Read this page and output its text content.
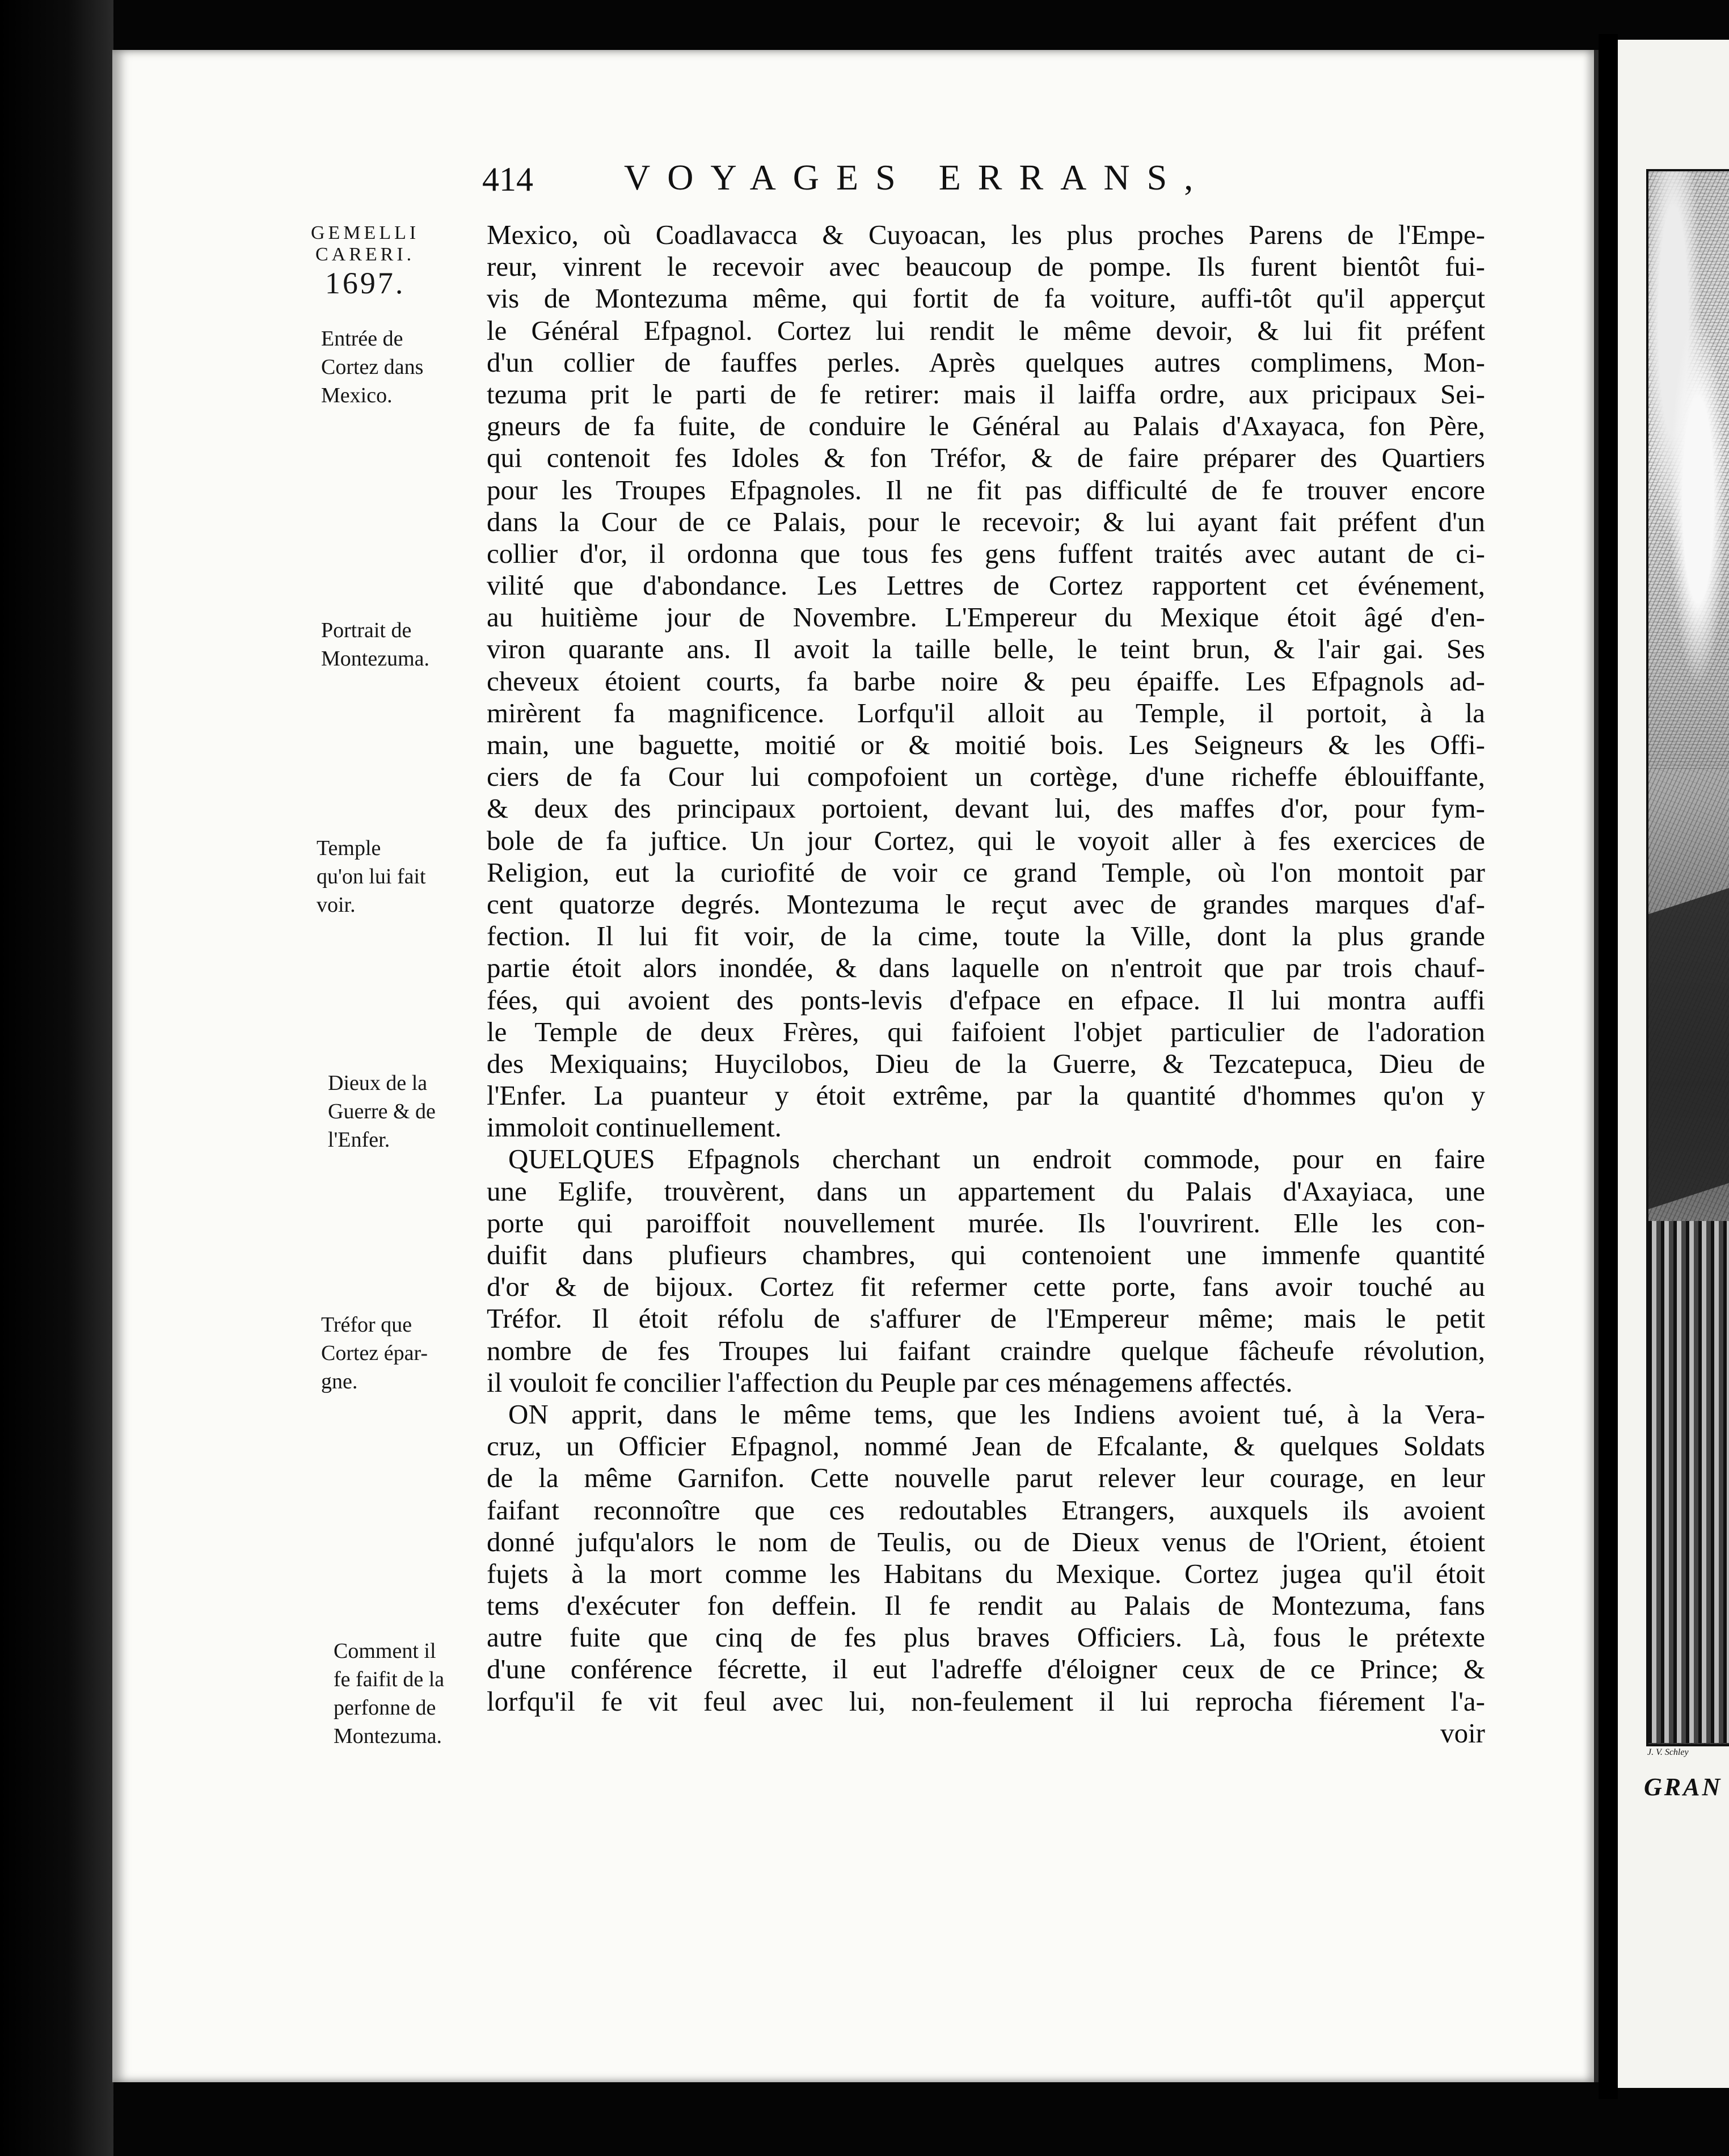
J. V. Schley
GRAN
414	VOYAGES ERRANS,
GEMELLI
CARERI.
1697.
Entrée de
Cortez dans
Mexico.
Portrait de
Montezuma.
Temple
qu'on lui fait
voir.
Dieux de la
Guerre & de
l'Enfer.
Tréfor que
Cortez épar-
gne.
Comment il
fe faifit de la
perfonne de
Montezuma.
Mexico, où Coadlavacca & Cuyoacan, les plus proches Parens de l'Empe-
reur, vinrent le recevoir avec beaucoup de pompe. Ils furent bientôt fui-
vis de Montezuma même, qui fortit de fa voiture, auffi-tôt qu'il apperçut
le Général Efpagnol. Cortez lui rendit le même devoir, & lui fit préfent
d'un collier de fauffes perles. Après quelques autres complimens, Mon-
tezuma prit le parti de fe retirer: mais il laiffa ordre, aux pricipaux Sei-
gneurs de fa fuite, de conduire le Général au Palais d'Axayaca, fon Père,
qui contenoit fes Idoles & fon Tréfor, & de faire préparer des Quartiers
pour les Troupes Efpagnoles. Il ne fit pas difficulté de fe trouver encore
dans la Cour de ce Palais, pour le recevoir; & lui ayant fait préfent d'un
collier d'or, il ordonna que tous fes gens fuffent traités avec autant de ci-
vilité que d'abondance. Les Lettres de Cortez rapportent cet événement,
au huitième jour de Novembre. L'Empereur du Mexique étoit âgé d'en-
viron quarante ans. Il avoit la taille belle, le teint brun, & l'air gai. Ses
cheveux étoient courts, fa barbe noire & peu épaiffe. Les Efpagnols ad-
mirèrent fa magnificence. Lorfqu'il alloit au Temple, il portoit, à la
main, une baguette, moitié or & moitié bois. Les Seigneurs & les Offi-
ciers de fa Cour lui compofoient un cortège, d'une richeffe éblouiffante,
& deux des principaux portoient, devant lui, des maffes d'or, pour fym-
bole de fa juftice. Un jour Cortez, qui le voyoit aller à fes exercices de
Religion, eut la curiofité de voir ce grand Temple, où l'on montoit par
cent quatorze degrés. Montezuma le reçut avec de grandes marques d'af-
fection. Il lui fit voir, de la cime, toute la Ville, dont la plus grande
partie étoit alors inondée, & dans laquelle on n'entroit que par trois chauf-
fées, qui avoient des ponts-levis d'efpace en efpace. Il lui montra auffi
le Temple de deux Frères, qui faifoient l'objet particulier de l'adoration
des Mexiquains; Huycilobos, Dieu de la Guerre, & Tezcatepuca, Dieu de
l'Enfer. La puanteur y étoit extrême, par la quantité d'hommes qu'on y
immoloit continuellement.
QUELQUES Efpagnols cherchant un endroit commode, pour en faire
une Eglife, trouvèrent, dans un appartement du Palais d'Axayiaca, une
porte qui paroiffoit nouvellement murée. Ils l'ouvrirent. Elle les con-
duifit dans plufieurs chambres, qui contenoient une immenfe quantité
d'or & de bijoux. Cortez fit refermer cette porte, fans avoir touché au
Tréfor. Il étoit réfolu de s'affurer de l'Empereur même; mais le petit
nombre de fes Troupes lui faifant craindre quelque fâcheufe révolution,
il vouloit fe concilier l'affection du Peuple par ces ménagemens affectés.
ON apprit, dans le même tems, que les Indiens avoient tué, à la Vera-
cruz, un Officier Efpagnol, nommé Jean de Efcalante, & quelques Soldats
de la même Garnifon. Cette nouvelle parut relever leur courage, en leur
faifant reconnoître que ces redoutables Etrangers, auxquels ils avoient
donné jufqu'alors le nom de Teulis, ou de Dieux venus de l'Orient, étoient
fujets à la mort comme les Habitans du Mexique. Cortez jugea qu'il étoit
tems d'exécuter fon deffein. Il fe rendit au Palais de Montezuma, fans
autre fuite que cinq de fes plus braves Officiers. Là, fous le prétexte
d'une conférence fécrette, il eut l'adreffe d'éloigner ceux de ce Prince; &
lorfqu'il fe vit feul avec lui, non-feulement il lui reprocha fiérement l'a-
voir
